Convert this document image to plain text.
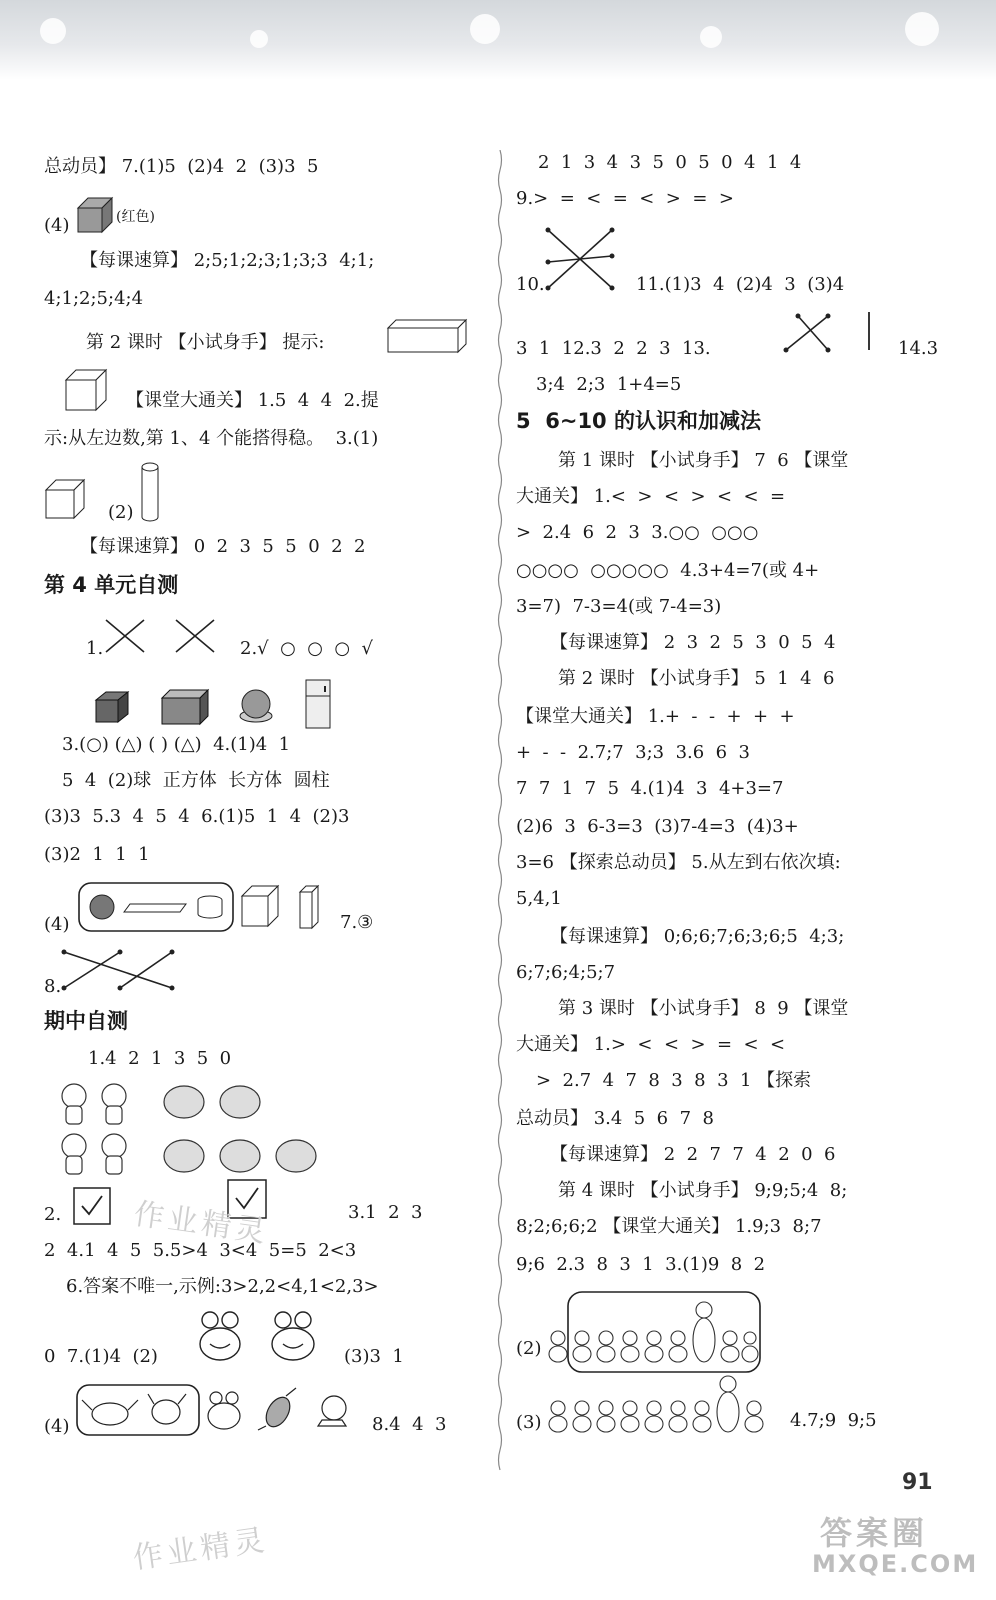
总动员】 7.(1)5  (2)4  2  (3)3  5
(4)	(红色)
【每课速算】 2;5;1;2;3;1;3;3  4;1;
4;1;2;5;4;4
第 2 课时 【小试身手】 提示:
【课堂大通关】 1.5  4  4  2.提
示:从左边数,第 1、4 个能搭得稳。  3.(1)
(2)
【每课速算】 0  2  3  5  5  0  2  2
第 4 单元自测
1.	2.√  ○  ○  ○  √
3.(○) (△) ( ) (△)  4.(1)4  1
5  4  (2)球  正方体  长方体  圆柱
(3)3  5.3  4  5  4  6.(1)5  1  4  (2)3
(3)2  1  1  1
(4)	7.③
8.
期中自测
1.4  2  1  3  5  0
2.	3.1  2  3
2  4.1  4  5  5.5>4  3<4  5=5  2<3
6.答案不唯一,示例:3>2,2<4,1<2,3>
0  7.(1)4  (2)	(3)3  1
(4)	8.4  4  3
2  1  3  4  3  5  0  5  0  4  1  4
9.>  =  <  =  <  >  =  >
10.	11.(1)3  4  (2)4  3  (3)4
3  1  12.3  2  2  3  13.	14.3
3;4  2;3  1+4=5
5  6~10 的认识和加减法
第 1 课时 【小试身手】 7  6 【课堂
大通关】 1.<  >  <  >  <  <  =
>  2.4  6  2  3  3.○○  ○○○
○○○○  ○○○○○  4.3+4=7(或 4+
3=7)  7-3=4(或 7-4=3)
【每课速算】 2  3  2  5  3  0  5  4
第 2 课时 【小试身手】 5  1  4  6
【课堂大通关】 1.+  -  -  +  +  +
+  -  -  2.7;7  3;3  3.6  6  3
7  7  1  7  5  4.(1)4  3  4+3=7
(2)6  3  6-3=3  (3)7-4=3  (4)3+
3=6 【探索总动员】 5.从左到右依次填:
5,4,1
【每课速算】 0;6;6;7;6;3;6;5  4;3;
6;7;6;4;5;7
第 3 课时 【小试身手】 8  9 【课堂
大通关】 1.>  <  <  >  =  <  <
>  2.7  4  7  8  3  8  3  1 【探索
总动员】 3.4  5  6  7  8
【每课速算】 2  2  7  7  4  2  0  6
第 4 课时 【小试身手】 9;9;5;4  8;
8;2;6;6;2 【课堂大通关】 1.9;3  8;7
9;6  2.3  8  3  1  3.(1)9  8  2
(2)
(3)	4.7;9  9;5
作业精灵
作业精灵	答案圈
MXQE.COM
91
